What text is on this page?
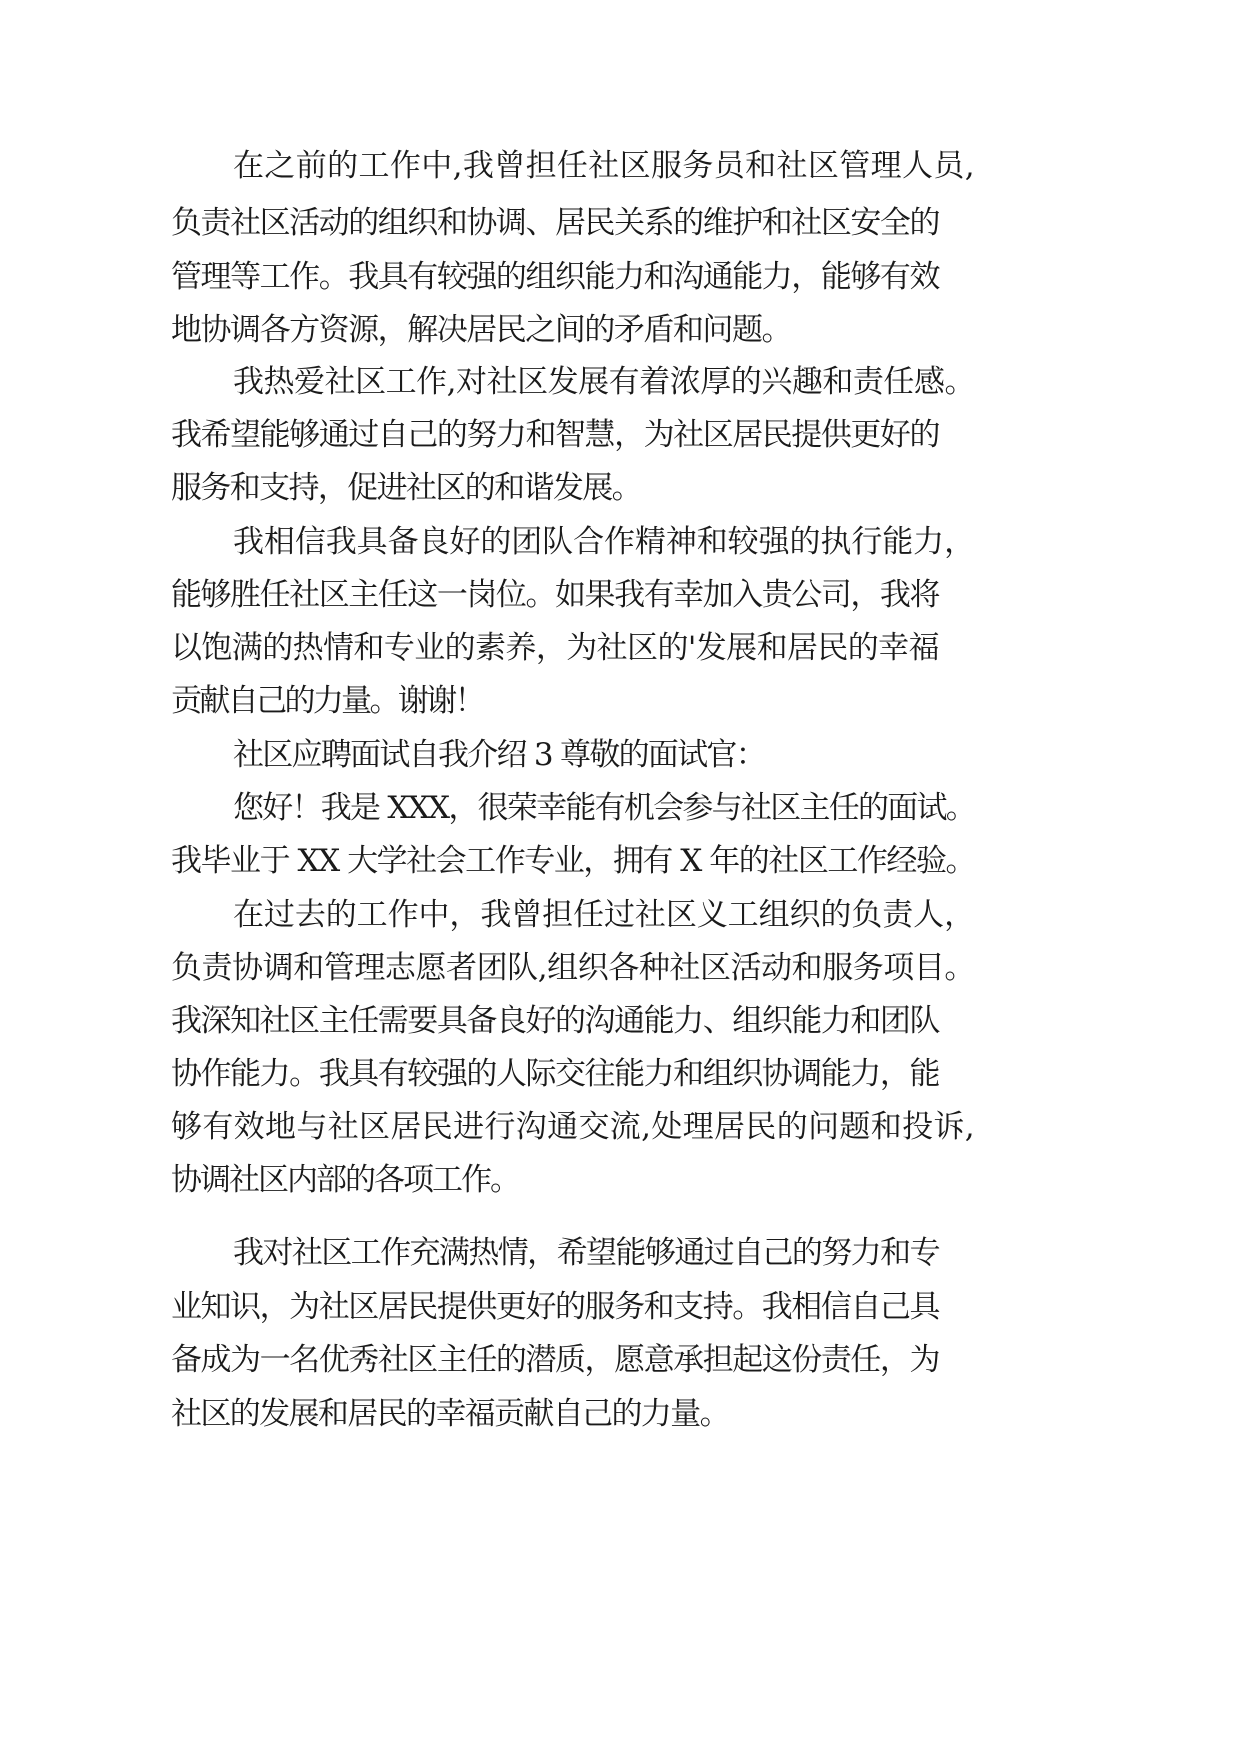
在之前的工作中,我曾担任社区服务员和社区管理人员,
负责社区活动的组织和协调、居民关系的维护和社区安全的
管理等工作。我具有较强的组织能力和沟通能力，能够有效
地协调各方资源，解决居民之间的矛盾和问题。
我热爱社区工作,对社区发展有着浓厚的兴趣和责任感。
我希望能够通过自己的努力和智慧，为社区居民提供更好的
服务和支持，促进社区的和谐发展。
我相信我具备良好的团队合作精神和较强的执行能力，
能够胜任社区主任这一岗位。如果我有幸加入贵公司，我将
以饱满的热情和专业的素养，为社区的'发展和居民的幸福
贡献自己的力量。谢谢！
社区应聘面试自我介绍 3 尊敬的面试官：
您好！我是 XXX，很荣幸能有机会参与社区主任的面试。
我毕业于 XX 大学社会工作专业，拥有 X 年的社区工作经验。
在过去的工作中，我曾担任过社区义工组织的负责人，
负责协调和管理志愿者团队,组织各种社区活动和服务项目。
我深知社区主任需要具备良好的沟通能力、组织能力和团队
协作能力。我具有较强的人际交往能力和组织协调能力，能
够有效地与社区居民进行沟通交流,处理居民的问题和投诉,
协调社区内部的各项工作。
我对社区工作充满热情，希望能够通过自己的努力和专
业知识，为社区居民提供更好的服务和支持。我相信自己具
备成为一名优秀社区主任的潜质，愿意承担起这份责任，为
社区的发展和居民的幸福贡献自己的力量。
